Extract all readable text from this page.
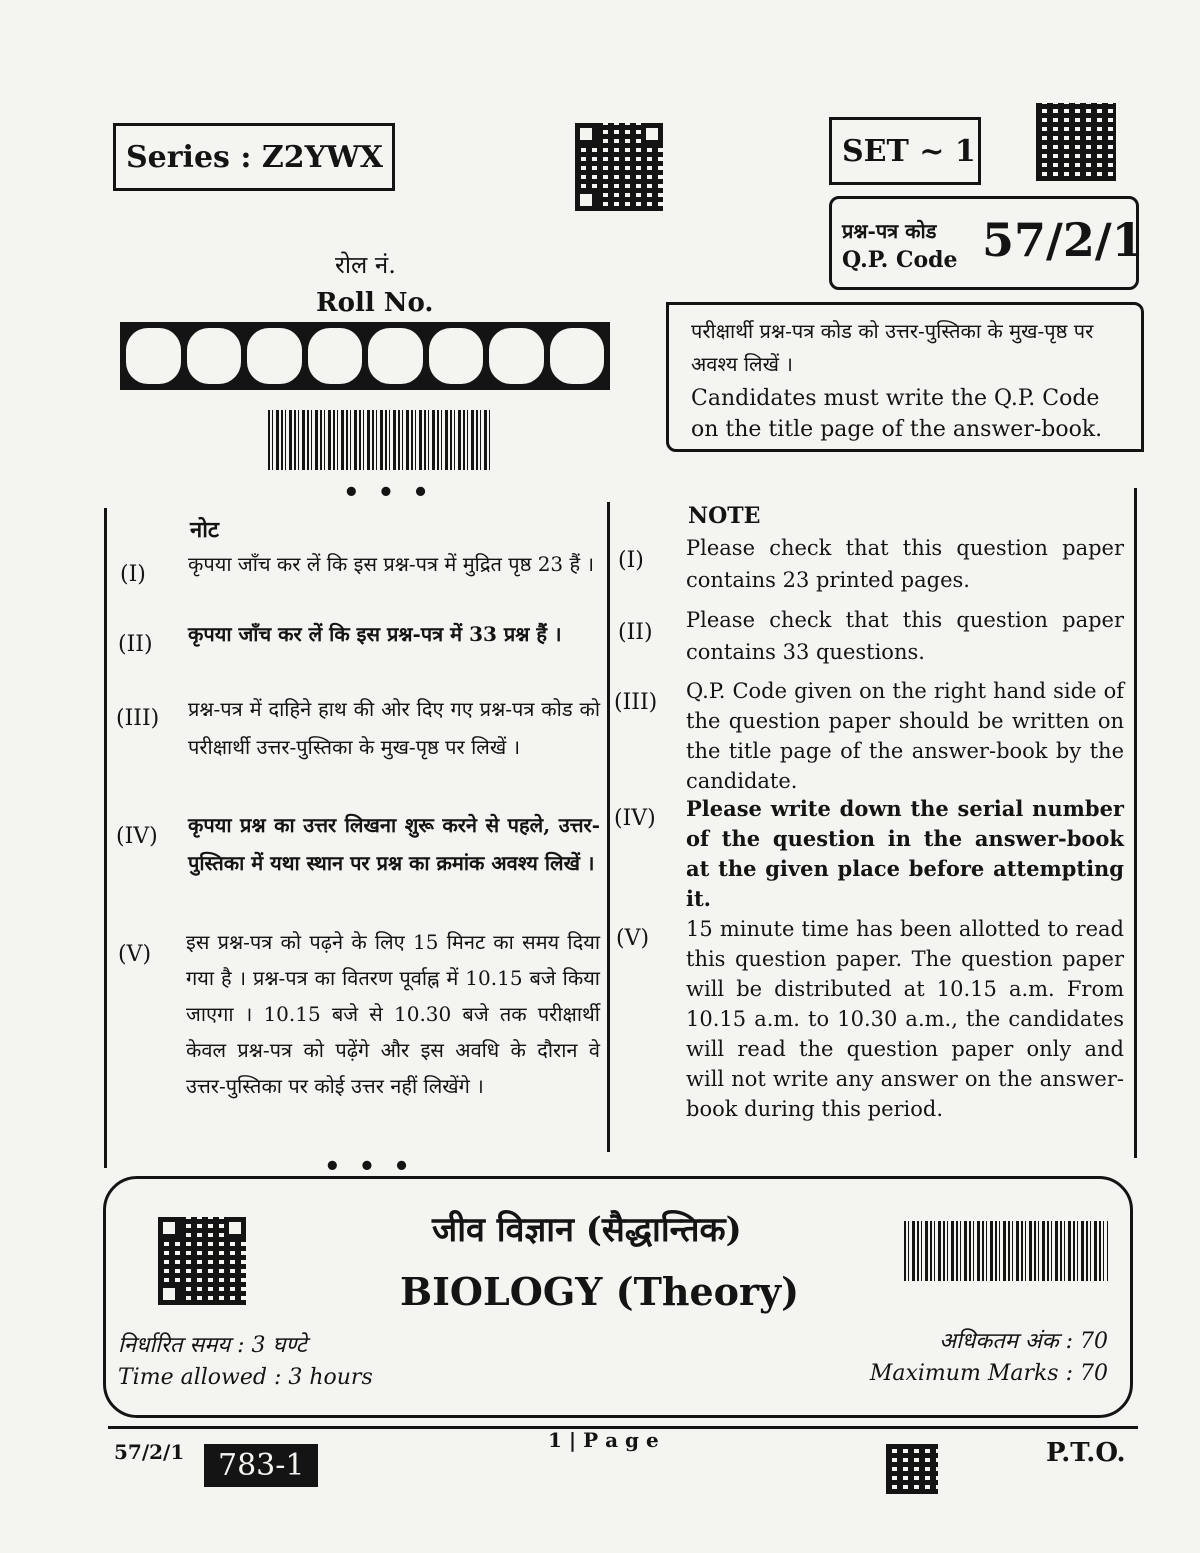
Series : Z2YWX	SET ~ 1
प्रश्न-पत्र कोड
Q.P. Code 57/2/1
रोल नं.
Roll No.
•••
परीक्षार्थी प्रश्न-पत्र कोड को उत्तर-पुस्तिका के मुख-पृष्ठ पर अवश्य लिखें ।
Candidates must write the Q.P. Code on the title page of the answer-book.
नोट
(I) कृपया जाँच कर लें कि इस प्रश्न-पत्र में मुद्रित पृष्ठ 23 हैं ।
(II) कृपया जाँच कर लें कि इस प्रश्न-पत्र में 33 प्रश्न हैं ।
(III) प्रश्न-पत्र में दाहिने हाथ की ओर दिए गए प्रश्न-पत्र कोड को परीक्षार्थी उत्तर-पुस्तिका के मुख-पृष्ठ पर लिखें ।
(IV) कृपया प्रश्न का उत्तर लिखना शुरू करने से पहले, उत्तर-पुस्तिका में यथा स्थान पर प्रश्न का क्रमांक अवश्य लिखें ।
(V) इस प्रश्न-पत्र को पढ़ने के लिए 15 मिनट का समय दिया गया है । प्रश्न-पत्र का वितरण पूर्वाह्न में 10.15 बजे किया जाएगा । 10.15 बजे से 10.30 बजे तक परीक्षार्थी केवल प्रश्न-पत्र को पढ़ेंगे और इस अवधि के दौरान वे उत्तर-पुस्तिका पर कोई उत्तर नहीं लिखेंगे ।
•••
NOTE
(I) Please check that this question paper contains 23 printed pages.
(II) Please check that this question paper contains 33 questions.
(III) Q.P. Code given on the right hand side of the question paper should be written on the title page of the answer-book by the candidate.
(IV) Please write down the serial number of the question in the answer-book at the given place before attempting it.
(V) 15 minute time has been allotted to read this question paper. The question paper will be distributed at 10.15 a.m. From 10.15 a.m. to 10.30 a.m., the candidates will read the question paper only and will not write any answer on the answer-book during this period.
जीव विज्ञान (सैद्धान्तिक)
BIOLOGY (Theory)
निर्धारित समय : 3 घण्टे
Time allowed : 3 hours
अधिकतम अंक : 70
Maximum Marks : 70
57/2/1	783-1
1 | P a g e	P.T.O.
